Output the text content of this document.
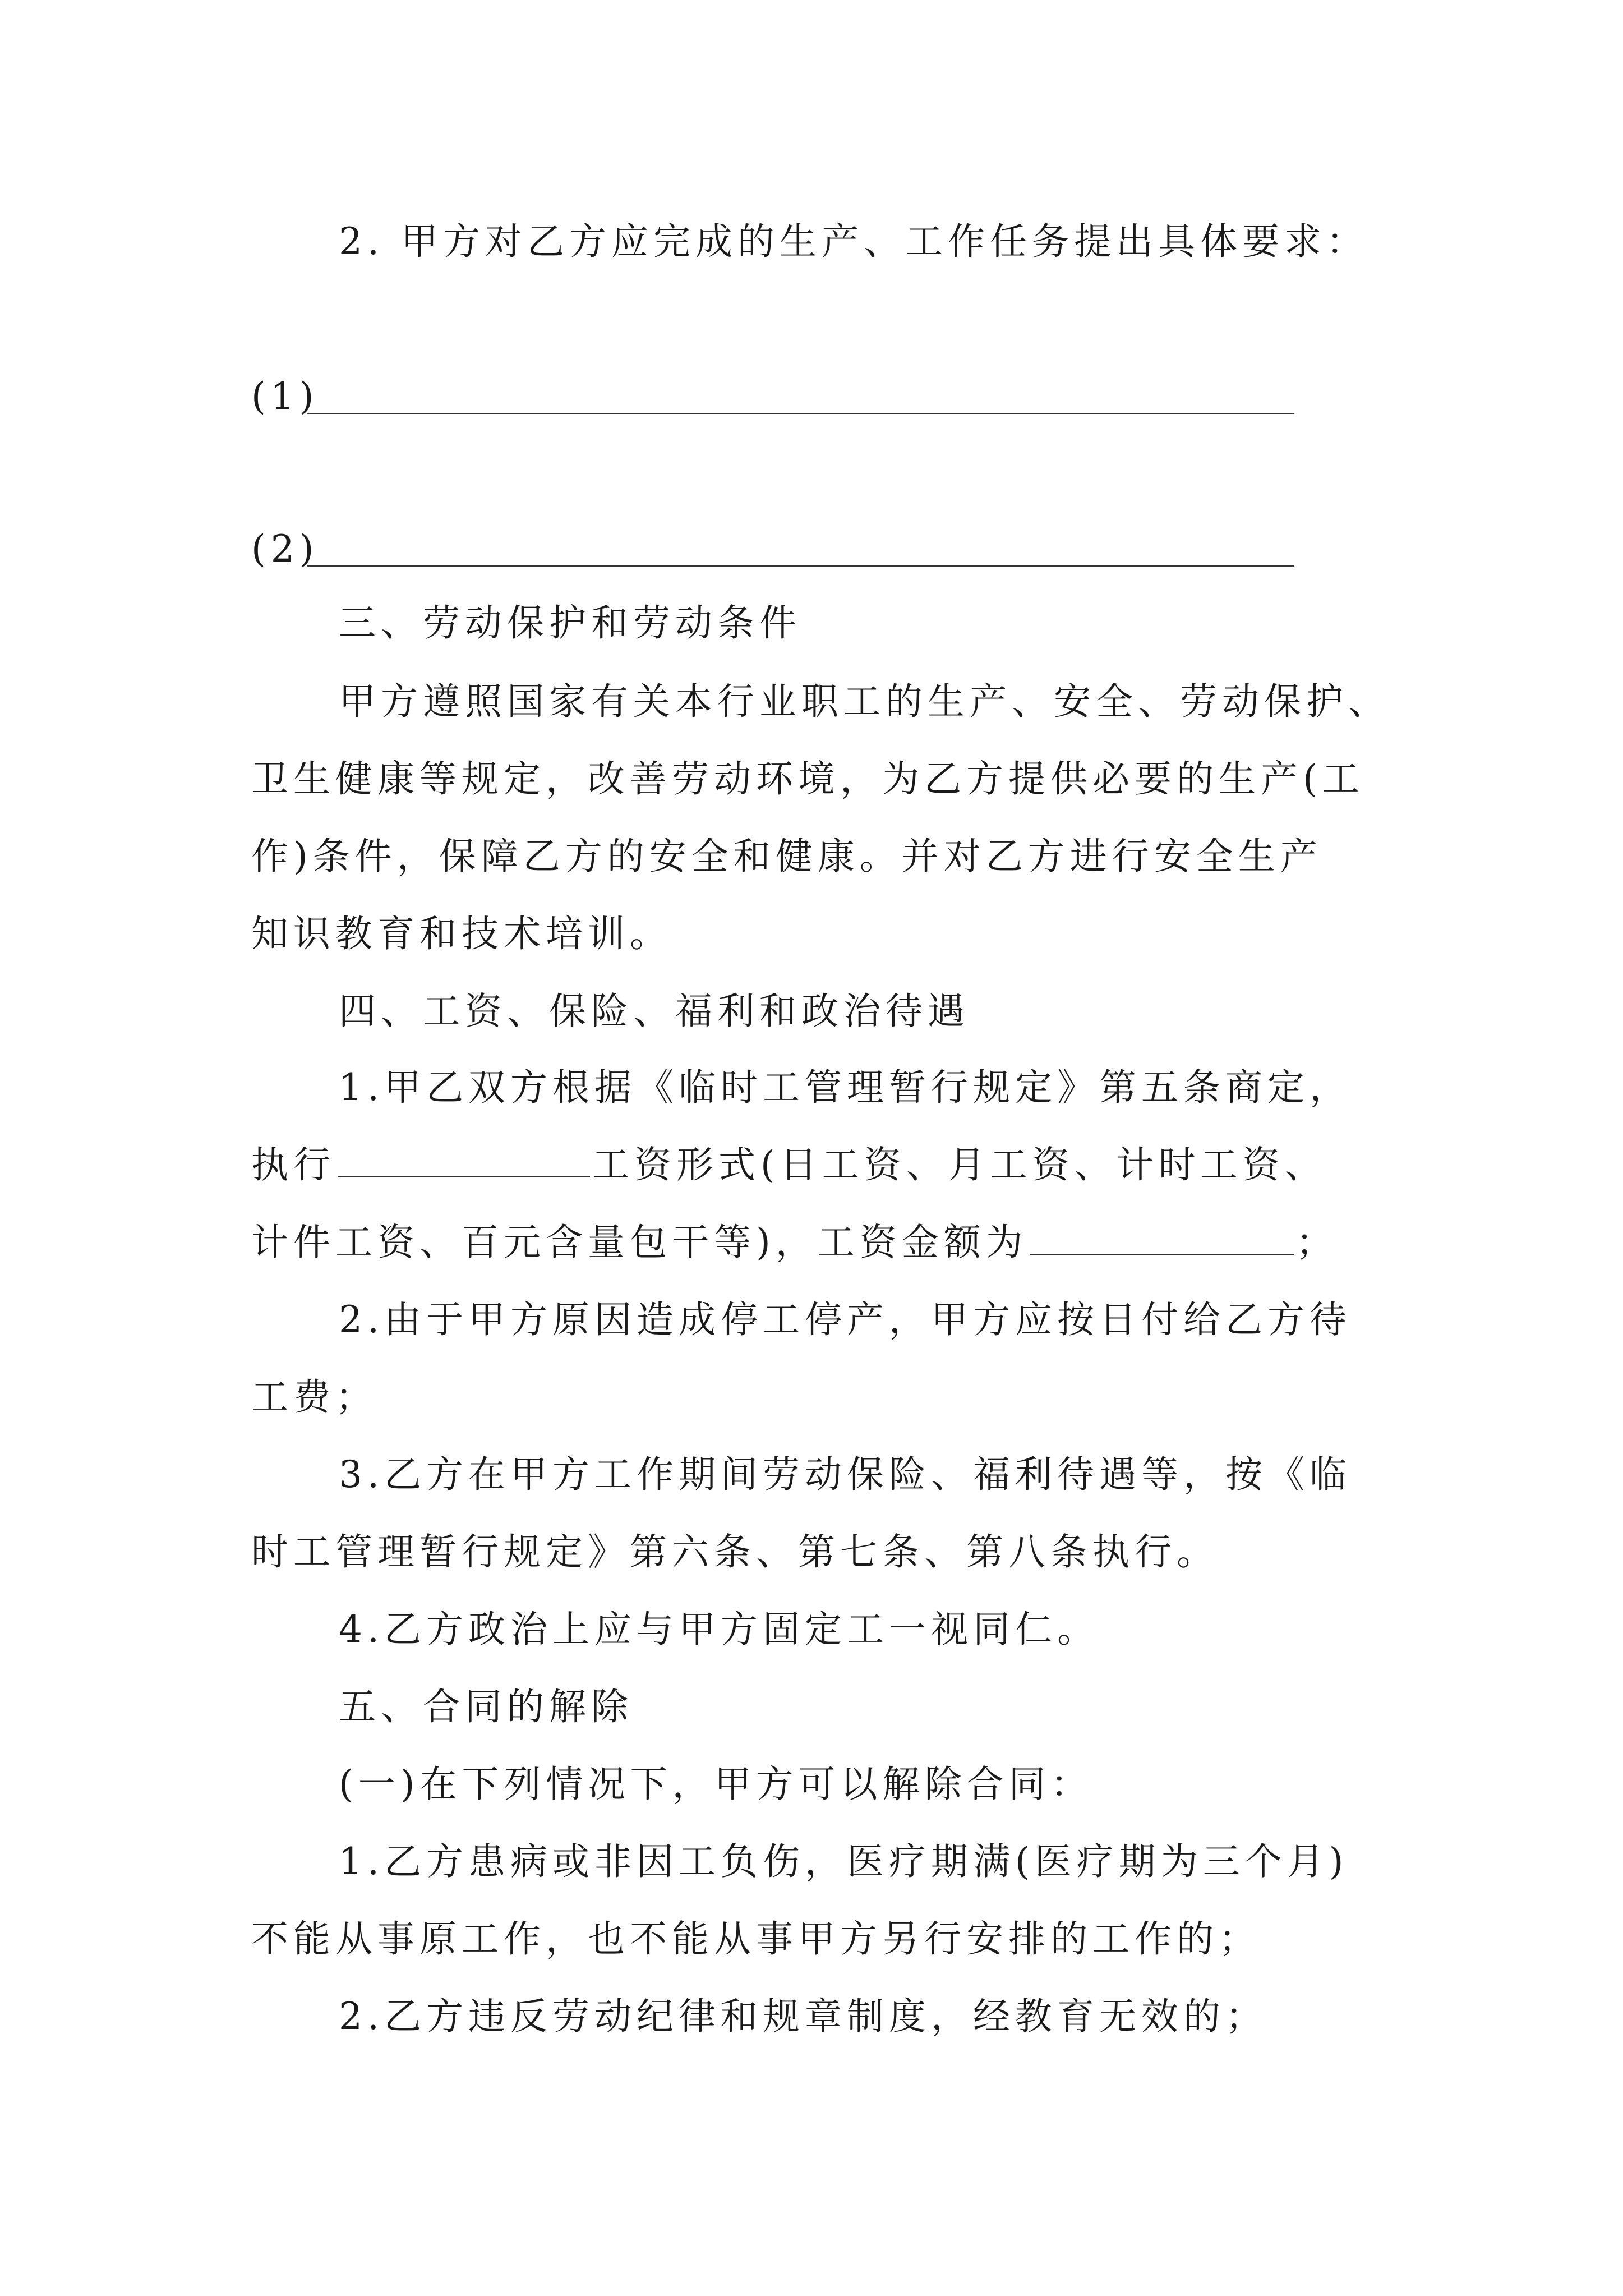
2. 甲方对乙方应完成的生产、工作任务提出具体要求：
(1)
(2)
三、劳动保护和劳动条件
甲方遵照国家有关本行业职工的生产、安全、劳动保护、
卫生健康等规定，改善劳动环境，为乙方提供必要的生产(工
作)条件，保障乙方的安全和健康。并对乙方进行安全生产
知识教育和技术培训。
四、工资、保险、福利和政治待遇
1.甲乙双方根据《临时工管理暂行规定》第五条商定，
执行	工资形式(日工资、月工资、计时工资、
计件工资、百元含量包干等)，工资金额为	；
2.由于甲方原因造成停工停产，甲方应按日付给乙方待
工费；
3.乙方在甲方工作期间劳动保险、福利待遇等，按《临
时工管理暂行规定》第六条、第七条、第八条执行。
4.乙方政治上应与甲方固定工一视同仁。
五、合同的解除
(一)在下列情况下，甲方可以解除合同：
1.乙方患病或非因工负伤，医疗期满(医疗期为三个月)
不能从事原工作，也不能从事甲方另行安排的工作的；
2.乙方违反劳动纪律和规章制度，经教育无效的；
